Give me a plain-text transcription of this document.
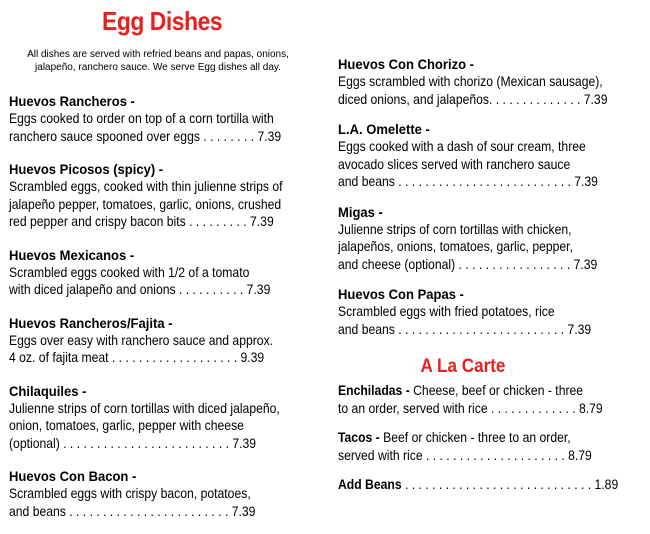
Egg Dishes
All dishes are served with refried beans and papas, onions,
jalapeño, ranchero sauce. We serve Egg dishes all day.
Huevos Rancheros -
Eggs cooked to order on top of a corn tortilla with
ranchero sauce spooned over eggs . . . . . . . . 7.39
Huevos Picosos (spicy) -
Scrambled eggs, cooked with thin julienne strips of
jalapeño pepper, tomatoes, garlic, onions, crushed
red pepper and crispy bacon bits . . . . . . . . . 7.39
Huevos Mexicanos -
Scrambled eggs cooked with 1/2 of a tomato
with diced jalapeño and onions . . . . . . . . . . 7.39
Huevos Rancheros/Fajita -
Eggs over easy with ranchero sauce and approx.
4 oz. of fajita meat . . . . . . . . . . . . . . . . . . . 9.39
Chilaquiles -
Julienne strips of corn tortillas with diced jalapeño,
onion, tomatoes, garlic, pepper with cheese
(optional) . . . . . . . . . . . . . . . . . . . . . . . . . 7.39
Huevos Con Bacon -
Scrambled eggs with crispy bacon, potatoes,
and beans . . . . . . . . . . . . . . . . . . . . . . . . 7.39
Huevos Con Chorizo -
Eggs scrambled with chorizo (Mexican sausage),
diced onions, and jalapeños. . . . . . . . . . . . . . 7.39
L.A. Omelette -
Eggs cooked with a dash of sour cream, three
avocado slices served with ranchero sauce
and beans . . . . . . . . . . . . . . . . . . . . . . . . . . 7.39
Migas -
Julienne strips of corn tortillas with chicken,
jalapeños, onions, tomatoes, garlic, pepper,
and cheese (optional) . . . . . . . . . . . . . . . . . 7.39
Huevos Con Papas -
Scrambled eggs with fried potatoes, rice
and beans . . . . . . . . . . . . . . . . . . . . . . . . . 7.39
A La Carte
Enchiladas - Cheese, beef or chicken - three
to an order, served with rice . . . . . . . . . . . . . 8.79
Tacos - Beef or chicken - three to an order,
served with rice . . . . . . . . . . . . . . . . . . . . . 8.79
Add Beans . . . . . . . . . . . . . . . . . . . . . . . . . . . . 1.89
